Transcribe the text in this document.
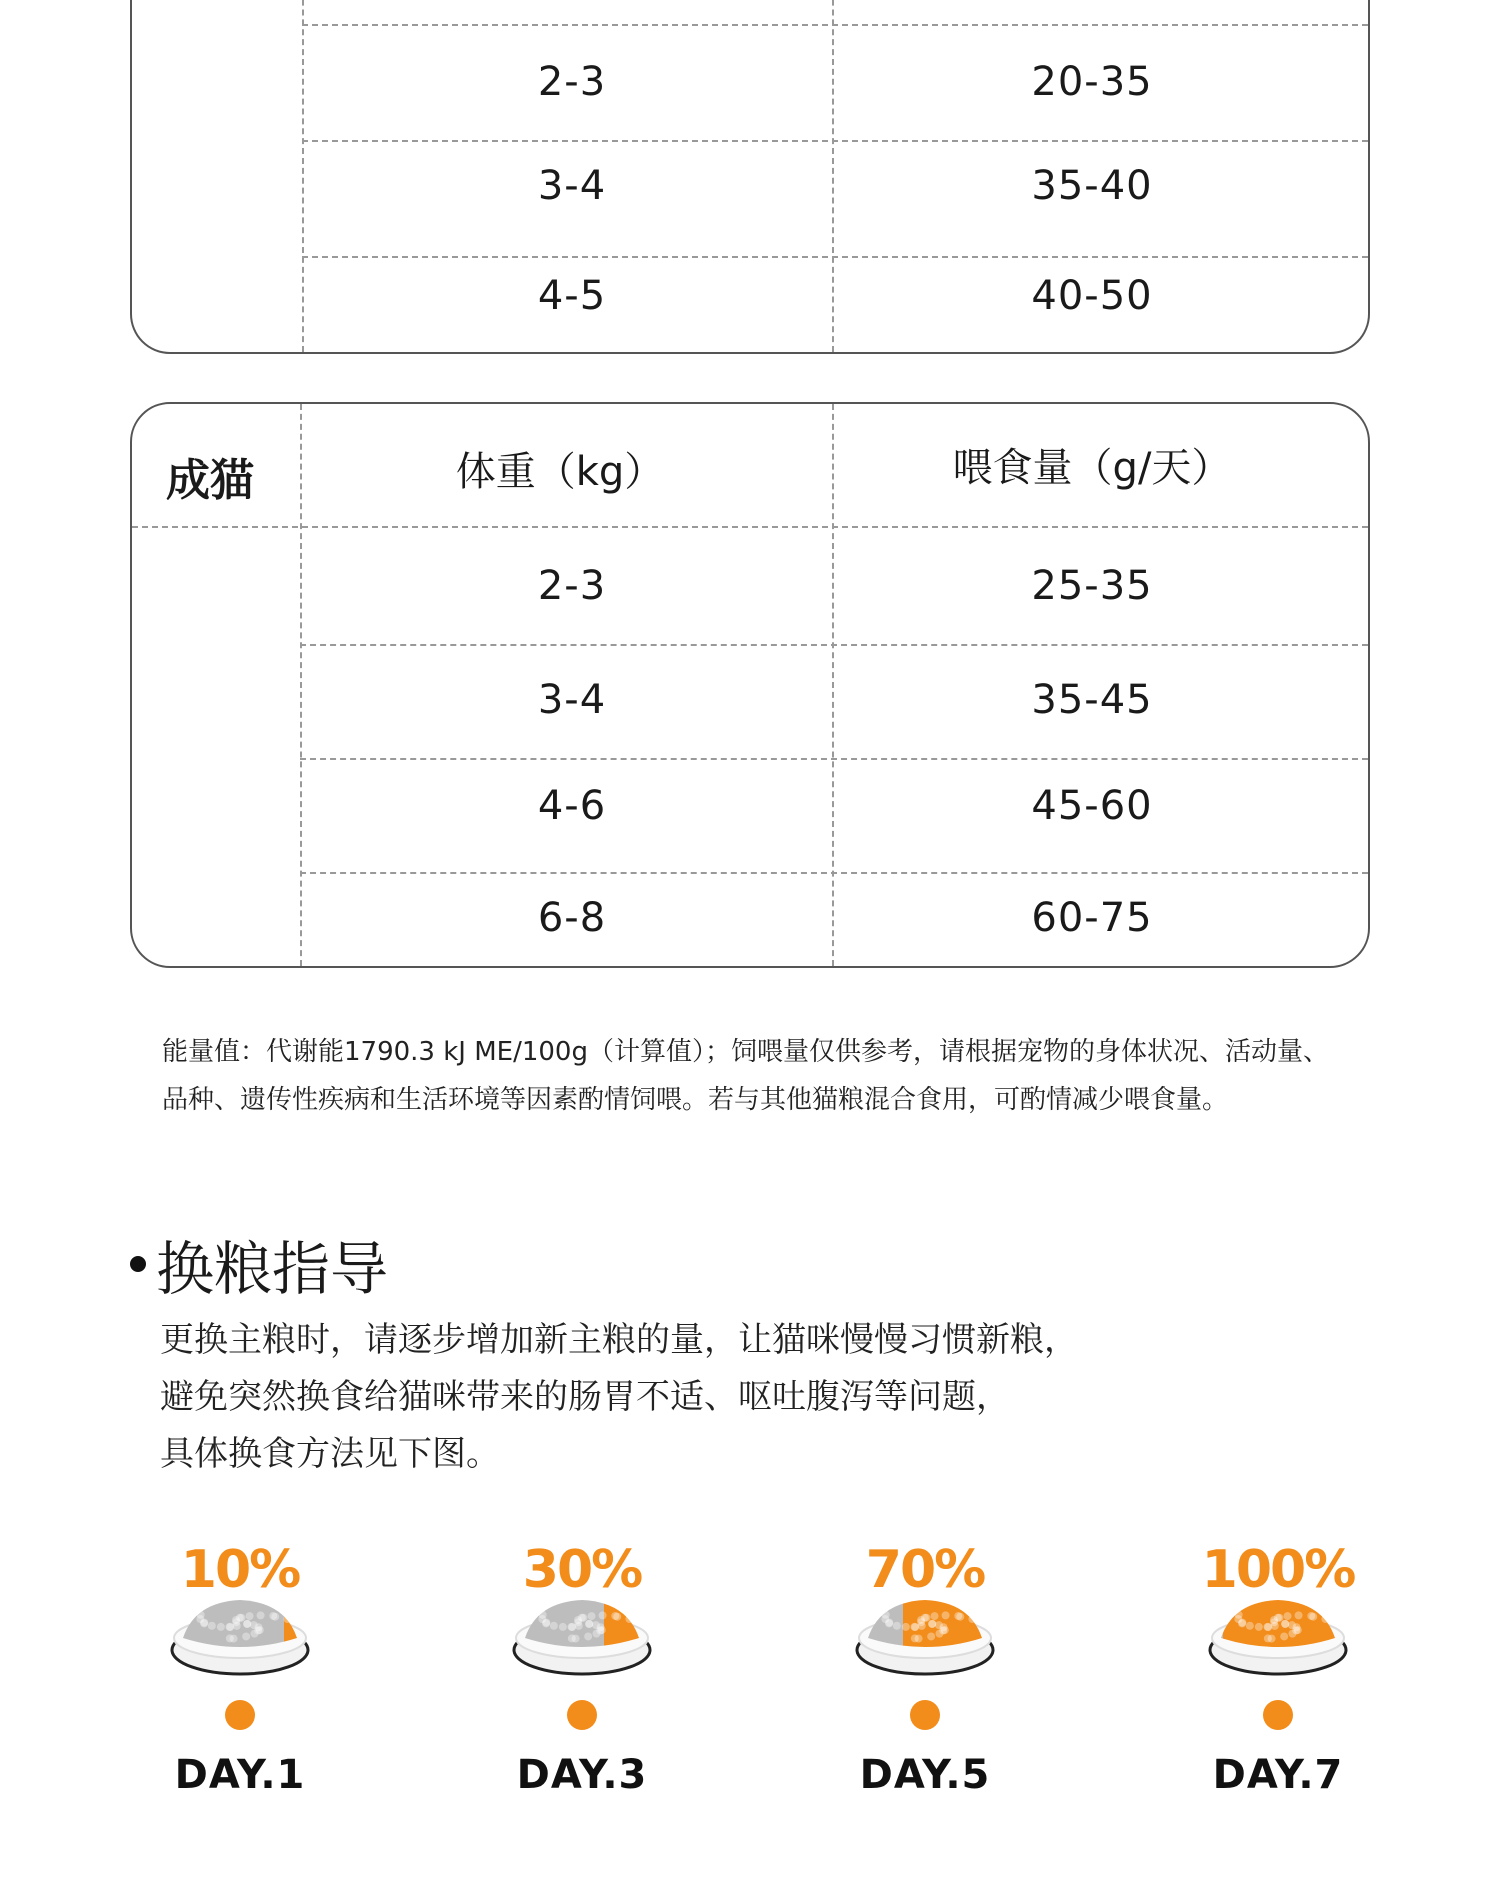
2-3	20-35
3-4	35-40
4-5	40-50
成猫	体重（kg）	喂食量（g/天）
2-3	25-35
3-4	35-45
4-6	45-60
6-8	60-75
能量值：代谢能1790.3 kJ ME/100g（计算值）；饲喂量仅供参考，请根据宠物的身体状况、活动量、
品种、遗传性疾病和生活环境等因素酌情饲喂。若与其他猫粮混合食用，可酌情减少喂食量。
换粮指导
更换主粮时，请逐步增加新主粮的量，让猫咪慢慢习惯新粮，
避免突然换食给猫咪带来的肠胃不适、呕吐腹泻等问题，
具体换食方法见下图。
10%
DAY.1
30%
DAY.3
70%
DAY.5
100%
DAY.7
